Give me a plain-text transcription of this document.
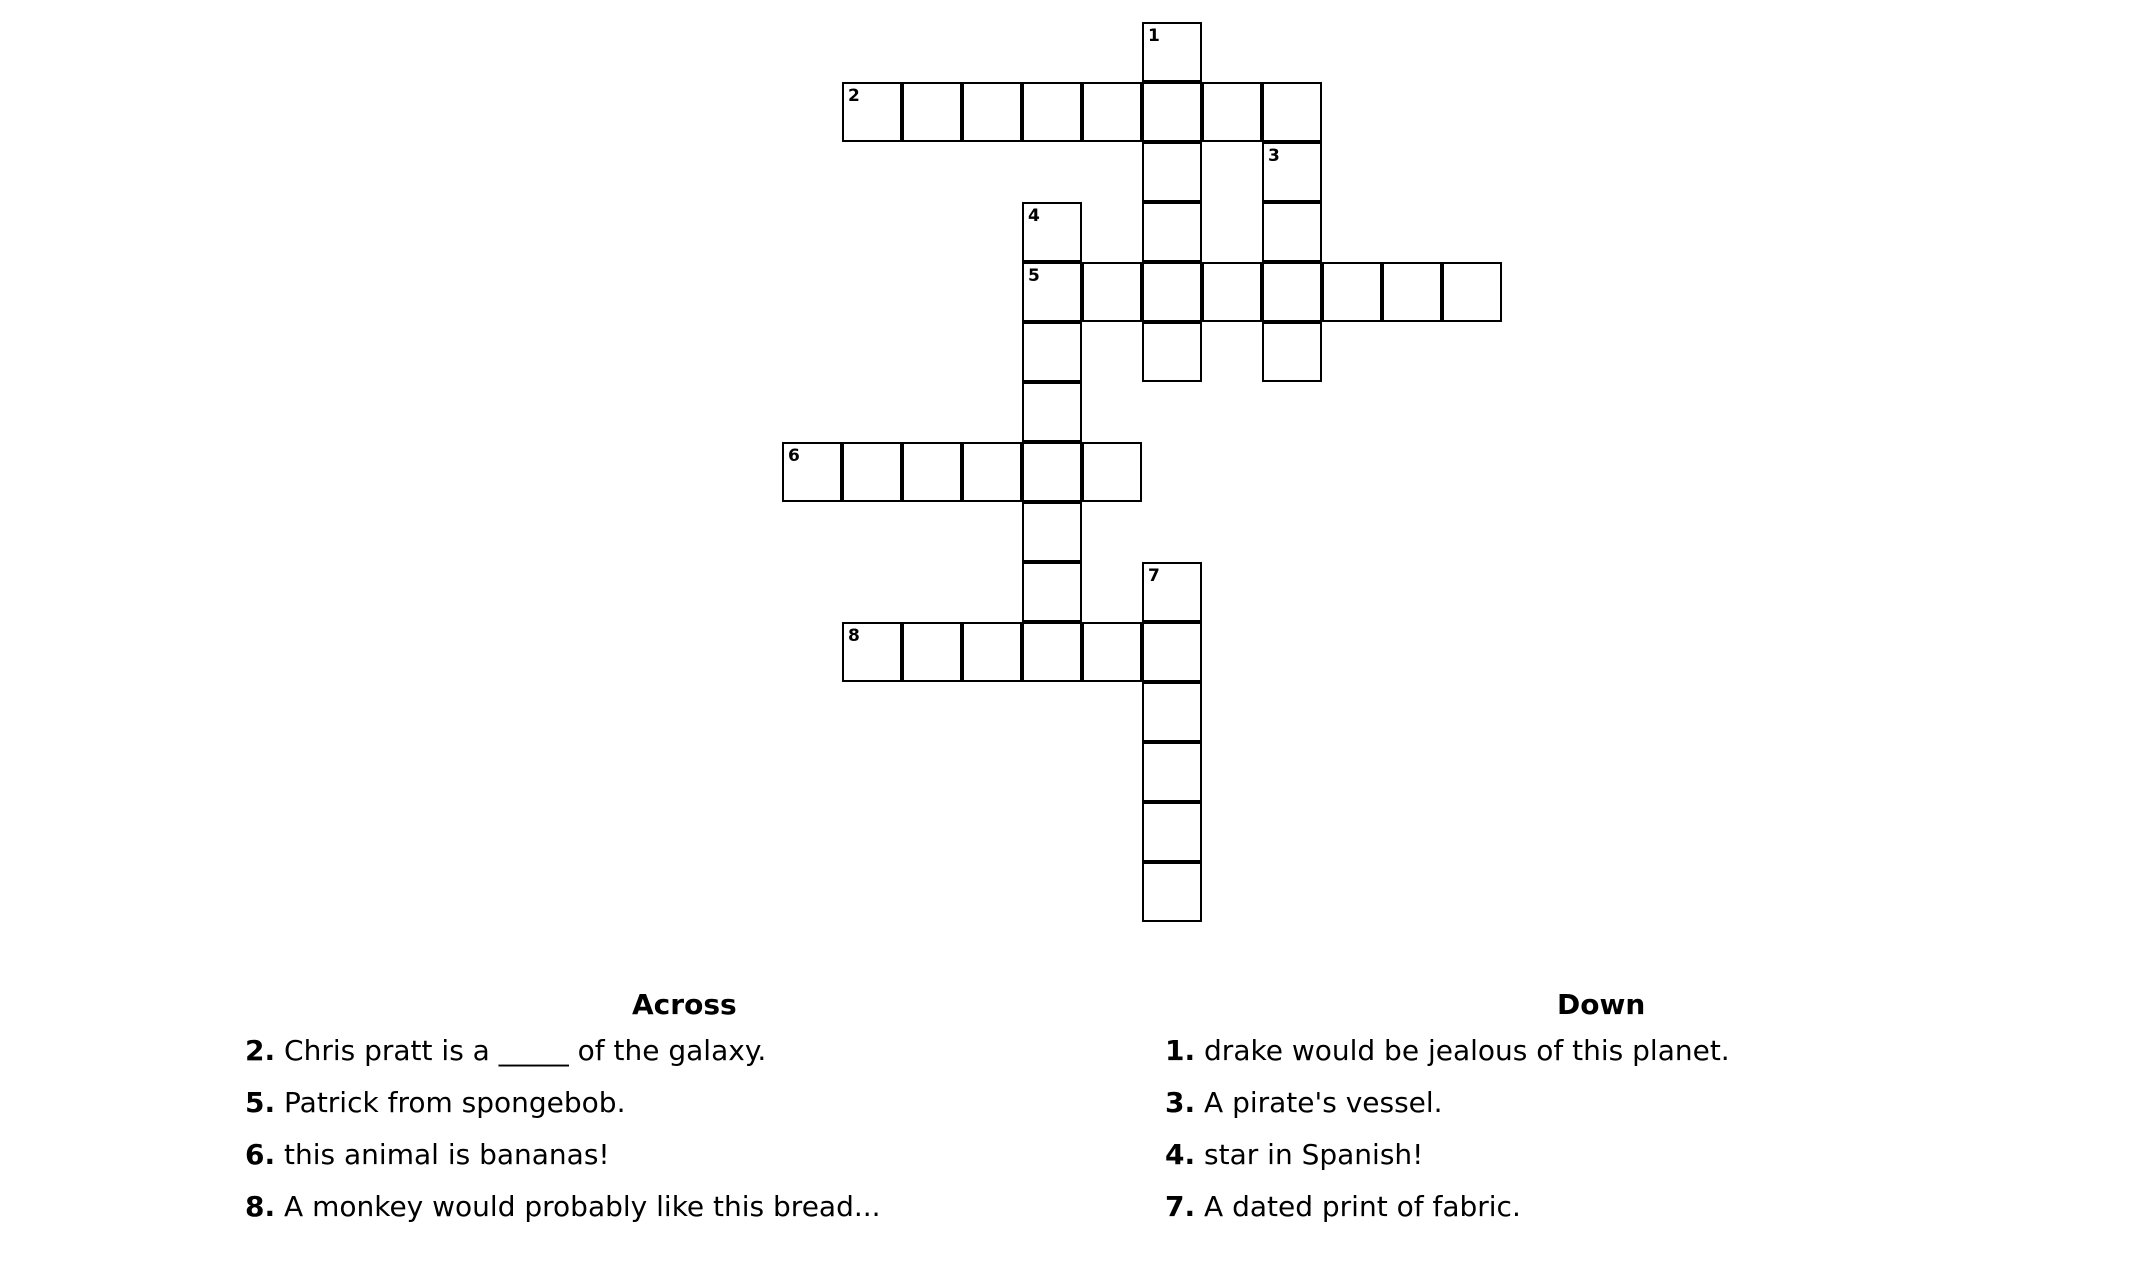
1
2
3
4
5
6
7
8
Across
2. Chris pratt is a _____ of the galaxy.
5. Patrick from spongebob.
6. this animal is bananas!
8. A monkey would probably like this bread...
Down
1. drake would be jealous of this planet.
3. A pirate's vessel.
4. star in Spanish!
7. A dated print of fabric.
